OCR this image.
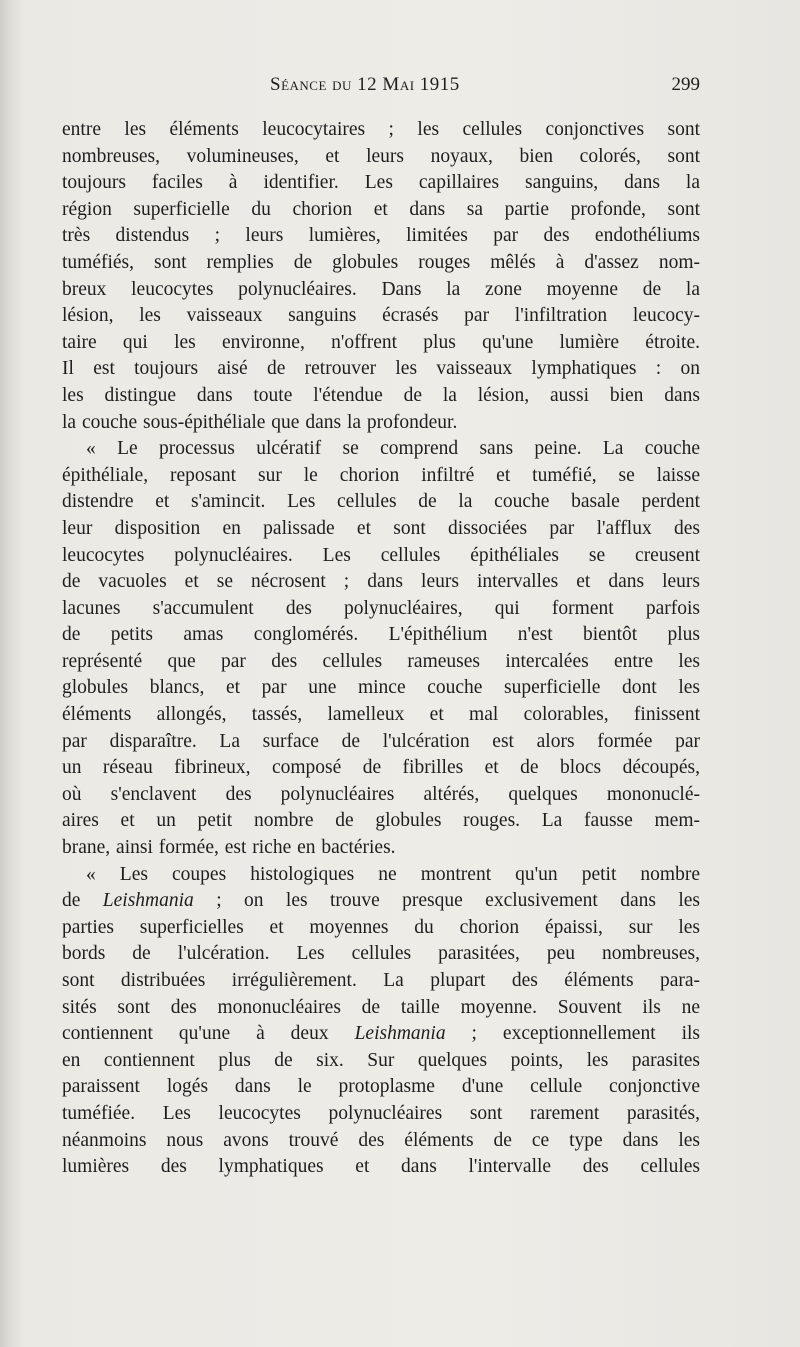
Séance du 12 Mai 1915	299
entre les éléments leucocytaires ; les cellules conjonctives sont
nombreuses, volumineuses, et leurs noyaux, bien colorés, sont
toujours faciles à identifier. Les capillaires sanguins, dans la
région superficielle du chorion et dans sa partie profonde, sont
très distendus ; leurs lumières, limitées par des endothéliums
tuméfiés, sont remplies de globules rouges mêlés à d'assez nom-
breux leucocytes polynucléaires. Dans la zone moyenne de la
lésion, les vaisseaux sanguins écrasés par l'infiltration leucocy-
taire qui les environne, n'offrent plus qu'une lumière étroite.
Il est toujours aisé de retrouver les vaisseaux lymphatiques : on
les distingue dans toute l'étendue de la lésion, aussi bien dans
la couche sous-épithéliale que dans la profondeur.
« Le processus ulcératif se comprend sans peine. La couche
épithéliale, reposant sur le chorion infiltré et tuméfié, se laisse
distendre et s'amincit. Les cellules de la couche basale perdent
leur disposition en palissade et sont dissociées par l'afflux des
leucocytes polynucléaires. Les cellules épithéliales se creusent
de vacuoles et se nécrosent ; dans leurs intervalles et dans leurs
lacunes s'accumulent des polynucléaires, qui forment parfois
de petits amas conglomérés. L'épithélium n'est bientôt plus
représenté que par des cellules rameuses intercalées entre les
globules blancs, et par une mince couche superficielle dont les
éléments allongés, tassés, lamelleux et mal colorables, finissent
par disparaître. La surface de l'ulcération est alors formée par
un réseau fibrineux, composé de fibrilles et de blocs découpés,
où s'enclavent des polynucléaires altérés, quelques mononuclé-
aires et un petit nombre de globules rouges. La fausse mem-
brane, ainsi formée, est riche en bactéries.
« Les coupes histologiques ne montrent qu'un petit nombre
de Leishmania ; on les trouve presque exclusivement dans les
parties superficielles et moyennes du chorion épaissi, sur les
bords de l'ulcération. Les cellules parasitées, peu nombreuses,
sont distribuées irrégulièrement. La plupart des éléments para-
sités sont des mononucléaires de taille moyenne. Souvent ils ne
contiennent qu'une à deux Leishmania ; exceptionnellement ils
en contiennent plus de six. Sur quelques points, les parasites
paraissent logés dans le protoplasme d'une cellule conjonctive
tuméfiée. Les leucocytes polynucléaires sont rarement parasités,
néanmoins nous avons trouvé des éléments de ce type dans les
lumières des lymphatiques et dans l'intervalle des cellules
